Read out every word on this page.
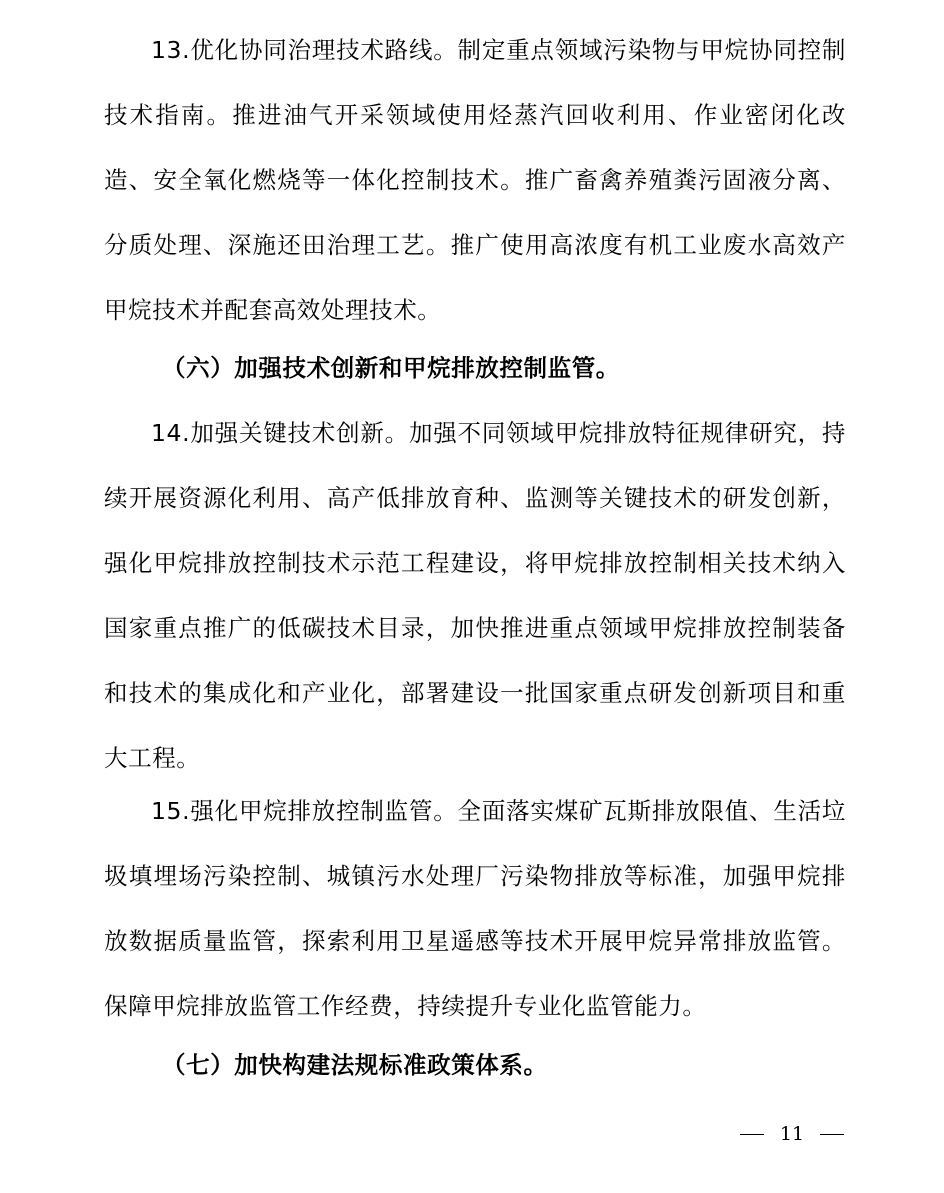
13.优化协同治理技术路线。制定重点领域污染物与甲烷协同控制技术指南。推进油气开采领域使用烃蒸汽回收利用、作业密闭化改造、安全氧化燃烧等一体化控制技术。推广畜禽养殖粪污固液分离、分质处理、深施还田治理工艺。推广使用高浓度有机工业废水高效产甲烷技术并配套高效处理技术。

（六）加强技术创新和甲烷排放控制监管。

14.加强关键技术创新。加强不同领域甲烷排放特征规律研究，持续开展资源化利用、高产低排放育种、监测等关键技术的研发创新，强化甲烷排放控制技术示范工程建设，将甲烷排放控制相关技术纳入国家重点推广的低碳技术目录，加快推进重点领域甲烷排放控制装备和技术的集成化和产业化，部署建设一批国家重点研发创新项目和重大工程。

15.强化甲烷排放控制监管。全面落实煤矿瓦斯排放限值、生活垃圾填埋场污染控制、城镇污水处理厂污染物排放等标准，加强甲烷排放数据质量监管，探索利用卫星遥感等技术开展甲烷异常排放监管。保障甲烷排放监管工作经费，持续提升专业化监管能力。

（七）加快构建法规标准政策体系。

11
